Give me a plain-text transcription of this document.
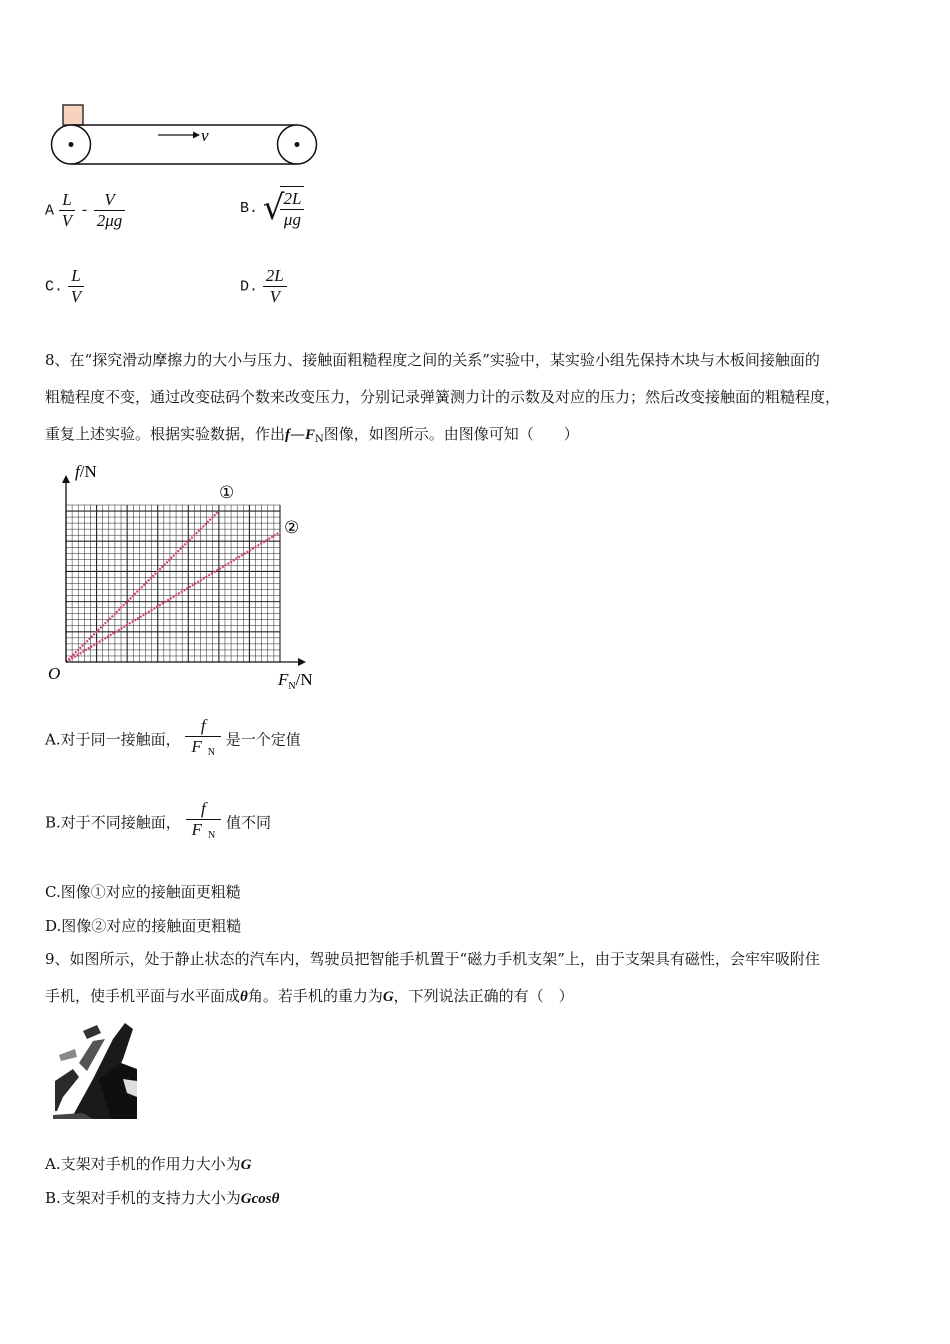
v
A $\frac{L}{V} - \frac{V}{2\mu g}$	B. √
$\frac{2L}{\mu g}$
C. $\frac{L}{V}$	D. $\frac{2L}{V}$
8、在“探究滑动摩擦力的大小与压力、接触面粗糙程度之间的关系”实验中，某实验小组先保持木块与木板间接触面的
粗糙程度不变，通过改变砝码个数来改变压力，分别记录弹簧测力计的示数及对应的压力；然后改变接触面的粗糙程度，
重复上述实验。根据实验数据，作出$f—F_N$图像，如图所示。由图像可知（　　）
f/N
$F_N/N$
O
①
②
A.对于同一接触面， $\frac{f}{F _N}$ 是一个定值
B.对于不同接触面， $\frac{f}{F _N}$ 值不同
C.图像①对应的接触面更粗糙
D.图像②对应的接触面更粗糙
9、如图所示，处于静止状态的汽车内，驾驶员把智能手机置于“磁力手机支架”上，由于支架具有磁性，会牢牢吸附住
手机，使手机平面与水平面成θ角。若手机的重力为G，下列说法正确的有（　）
A.支架对手机的作用力大小为G
B.支架对手机的支持力大小为Gcosθ
